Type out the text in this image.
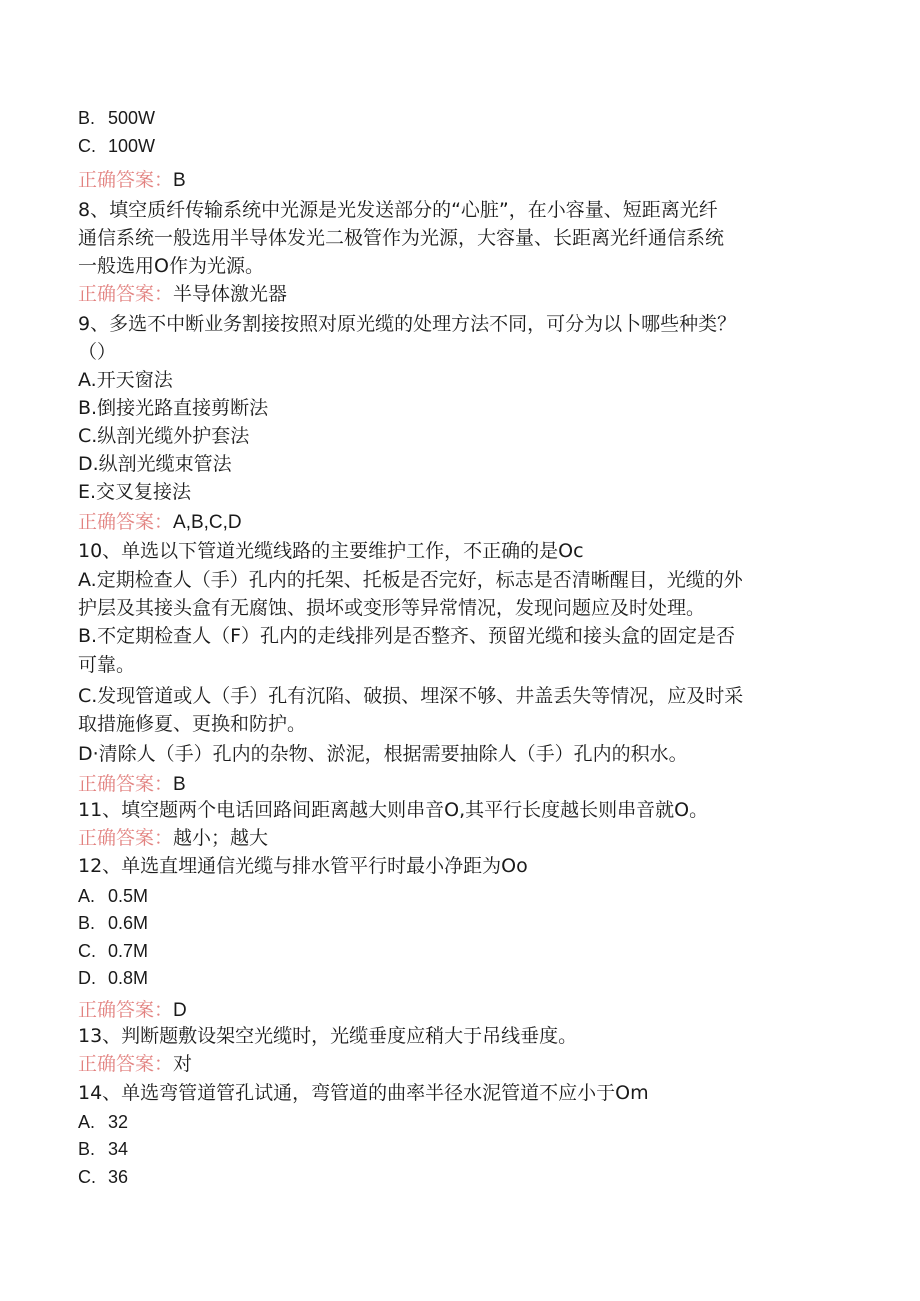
B. 500W
C. 100W
正确答案：B
8、填空质纤传输系统中光源是光发送部分的“心脏”，在小容量、短距离光纤
通信系统一般选用半导体发光二极管作为光源，大容量、长距离光纤通信系统
一般选用O作为光源。
正确答案：半导体激光器
9、多选不中断业务割接按照对原光缆的处理方法不同，可分为以卜哪些种类？
（）
A.开天窗法
B.倒接光路直接剪断法
C.纵剖光缆外护套法
D.纵剖光缆束管法
E.交叉复接法
正确答案：A,B,C,D
10、单选以下管道光缆线路的主要维护工作，不正确的是Oc
A.定期检查人（手）孔内的托架、托板是否完好，标志是否清晰醒目，光缆的外
护层及其接头盒有无腐蚀、损坏或变形等异常情况，发现问题应及时处理。
B.不定期检查人（F）孔内的走线排列是否整齐、预留光缆和接头盒的固定是否
可靠。
C.发现管道或人（手）孔有沉陷、破损、埋深不够、井盖丢失等情况，应及时采
取措施修夏、更换和防护。
D·清除人（手）孔内的杂物、淤泥，根据需要抽除人（手）孔内的积水。
正确答案：B
11、填空题两个电话回路间距离越大则串音O,其平行长度越长则串音就O。
正确答案：越小；越大
12、单选直埋通信光缆与排水管平行时最小净距为Oo
A. 0.5M
B. 0.6M
C. 0.7M
D. 0.8M
正确答案：D
13、判断题敷设架空光缆时，光缆垂度应稍大于吊线垂度。
正确答案：对
14、单选弯管道管孔试通，弯管道的曲率半径水泥管道不应小于Om
A. 32
B. 34
C. 36
